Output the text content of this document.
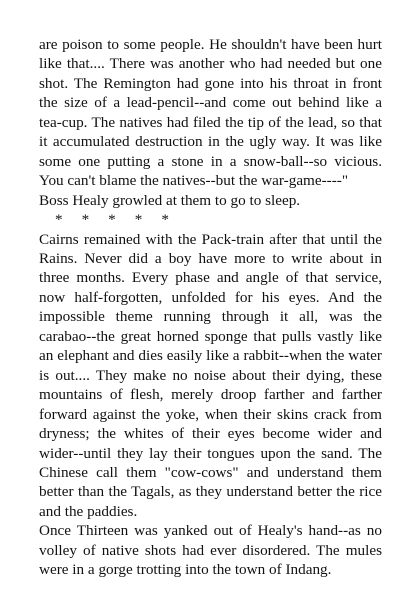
are poison to some people. He shouldn't have been hurt like that.... There was another who had needed but one shot. The Remington had gone into his throat in front the size of a lead-pencil--and come out behind like a tea-cup. The natives had filed the tip of the lead, so that it accumulated destruction in the ugly way. It was like some one putting a stone in a snow-ball--so vicious. You can't blame the natives--but the war-game----"

Boss Healy growled at them to go to sleep.

*     *     *     *     *

Cairns remained with the Pack-train after that until the Rains. Never did a boy have more to write about in three months. Every phase and angle of that service, now half-forgotten, unfolded for his eyes. And the impossible theme running through it all, was the carabao--the great horned sponge that pulls vastly like an elephant and dies easily like a rabbit--when the water is out.... They make no noise about their dying, these mountains of flesh, merely droop farther and farther forward against the yoke, when their skins crack from dryness; the whites of their eyes become wider and wider--until they lay their tongues upon the sand. The Chinese call them "cow-cows" and understand them better than the Tagals, as they understand better the rice and the paddies.

Once Thirteen was yanked out of Healy's hand--as no volley of native shots had ever disordered. The mules were in a gorge trotting into the town of Indang.
